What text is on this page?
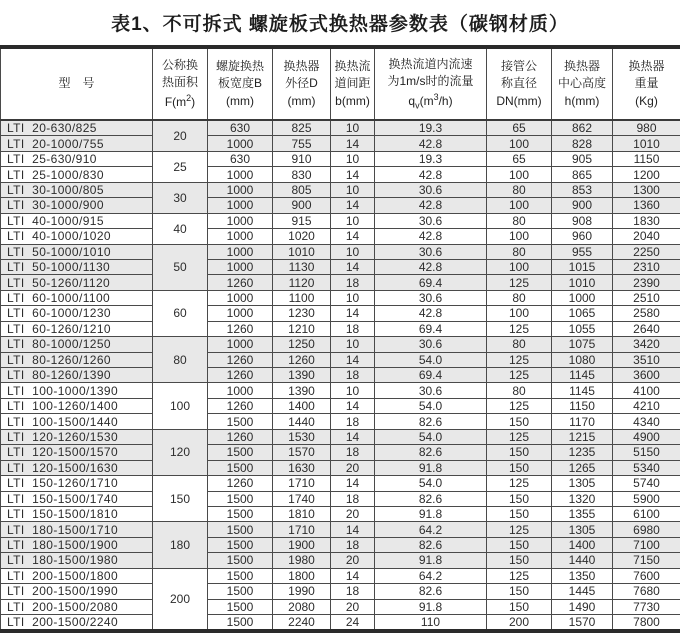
表1、不可拆式 螺旋板式换热器参数表（碳钢材质）
型　号	公称换
热面积
$F(m^2)$	螺旋换热
板宽度B
(mm)	换热器
外径D
(mm)	换热流
道间距
b(mm)	换热流道内流速
为1m/s时的流量
$q_v(m^3/h)$	接管公
称直径
DN(mm)	换热器
中心高度
h(mm)	换热器
重量
(Kg)
LTI  20-630/825	20	630	825	10	19.3	65	862	980
LTI  20-1000/755		1000	755	14	42.8	100	828	1010
LTI  25-630/910	25	630	910	10	19.3	65	905	1150
LTI  25-1000/830		1000	830	14	42.8	100	865	1200
LTI  30-1000/805	30	1000	805	10	30.6	80	853	1300
LTI  30-1000/900		1000	900	14	42.8	100	900	1360
LTI  40-1000/915	40	1000	915	10	30.6	80	908	1830
LTI  40-1000/1020		1000	1020	14	42.8	100	960	2040
LTI  50-1000/1010	50	1000	1010	10	30.6	80	955	2250
LTI  50-1000/1130		1000	1130	14	42.8	100	1015	2310
LTI  50-1260/1120		1260	1120	18	69.4	125	1010	2390
LTI  60-1000/1100	60	1000	1100	10	30.6	80	1000	2510
LTI  60-1000/1230		1000	1230	14	42.8	100	1065	2580
LTI  60-1260/1210		1260	1210	18	69.4	125	1055	2640
LTI  80-1000/1250	80	1000	1250	10	30.6	80	1075	3420
LTI  80-1260/1260		1260	1260	14	54.0	125	1080	3510
LTI  80-1260/1390		1260	1390	18	69.4	125	1145	3600
LTI  100-1000/1390	100	1000	1390	10	30.6	80	1145	4100
LTI  100-1260/1400		1260	1400	14	54.0	125	1150	4210
LTI  100-1500/1440		1500	1440	18	82.6	150	1170	4340
LTI  120-1260/1530	120	1260	1530	14	54.0	125	1215	4900
LTI  120-1500/1570		1500	1570	18	82.6	150	1235	5150
LTI  120-1500/1630		1500	1630	20	91.8	150	1265	5340
LTI  150-1260/1710	150	1260	1710	14	54.0	125	1305	5740
LTI  150-1500/1740		1500	1740	18	82.6	150	1320	5900
LTI  150-1500/1810		1500	1810	20	91.8	150	1355	6100
LTI  180-1500/1710	180	1500	1710	14	64.2	125	1305	6980
LTI  180-1500/1900		1500	1900	18	82.6	150	1400	7100
LTI  180-1500/1980		1500	1980	20	91.8	150	1440	7150
LTI  200-1500/1800	200	1500	1800	14	64.2	125	1350	7600
LTI  200-1500/1990		1500	1990	18	82.6	150	1445	7680
LTI  200-1500/2080		1500	2080	20	91.8	150	1490	7730
LTI  200-1500/2240		1500	2240	24	110	200	1570	7800
